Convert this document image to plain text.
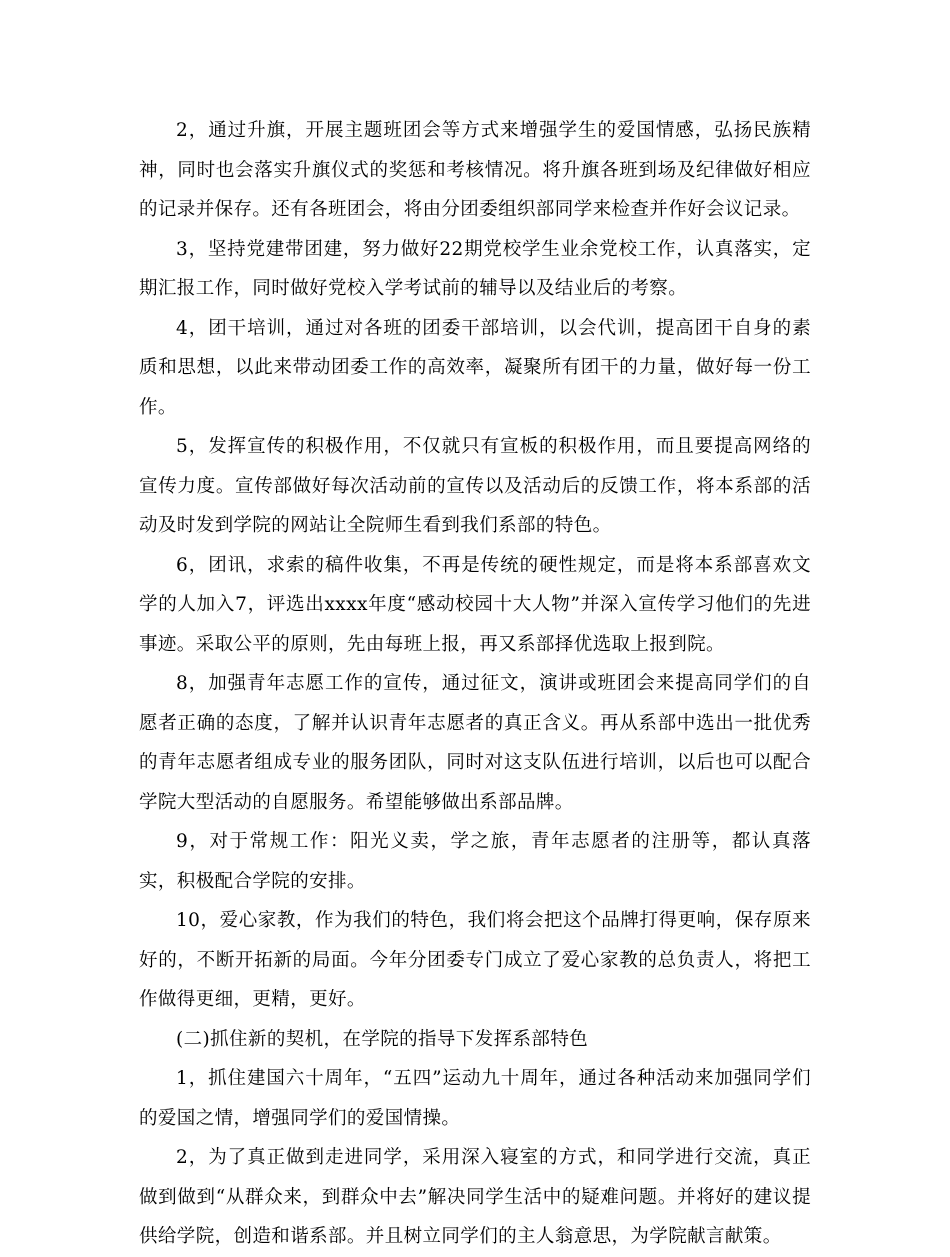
2，通过升旗，开展主题班团会等方式来增强学生的爱国情感，弘扬民族精神，同时也会落实升旗仪式的奖惩和考核情况。将升旗各班到场及纪律做好相应的记录并保存。还有各班团会，将由分团委组织部同学来检查并作好会议记录。

3，坚持党建带团建，努力做好22期党校学生业余党校工作，认真落实，定期汇报工作，同时做好党校入学考试前的辅导以及结业后的考察。

4，团干培训，通过对各班的团委干部培训，以会代训，提高团干自身的素质和思想，以此来带动团委工作的高效率，凝聚所有团干的力量，做好每一份工作。

5，发挥宣传的积极作用，不仅就只有宣板的积极作用，而且要提高网络的宣传力度。宣传部做好每次活动前的宣传以及活动后的反馈工作，将本系部的活动及时发到学院的网站让全院师生看到我们系部的特色。

6，团讯，求索的稿件收集，不再是传统的硬性规定，而是将本系部喜欢文学的人加入7，评选出xxxx年度“感动校园十大人物”并深入宣传学习他们的先进事迹。采取公平的原则，先由每班上报，再又系部择优选取上报到院。

8，加强青年志愿工作的宣传，通过征文，演讲或班团会来提高同学们的自愿者正确的态度，了解并认识青年志愿者的真正含义。再从系部中选出一批优秀的青年志愿者组成专业的服务团队，同时对这支队伍进行培训，以后也可以配合学院大型活动的自愿服务。希望能够做出系部品牌。

9，对于常规工作：阳光义卖，学之旅，青年志愿者的注册等，都认真落实，积极配合学院的安排。

10，爱心家教，作为我们的特色，我们将会把这个品牌打得更响，保存原来好的，不断开拓新的局面。今年分团委专门成立了爱心家教的总负责人，将把工作做得更细，更精，更好。

(二)抓住新的契机，在学院的指导下发挥系部特色

1，抓住建国六十周年，“五四”运动九十周年，通过各种活动来加强同学们的爱国之情，增强同学们的爱国情操。

2，为了真正做到走进同学，采用深入寝室的方式，和同学进行交流，真正做到做到“从群众来，到群众中去”解决同学生活中的疑难问题。并将好的建议提供给学院，创造和谐系部。并且树立同学们的主人翁意思，为学院献言献策。
